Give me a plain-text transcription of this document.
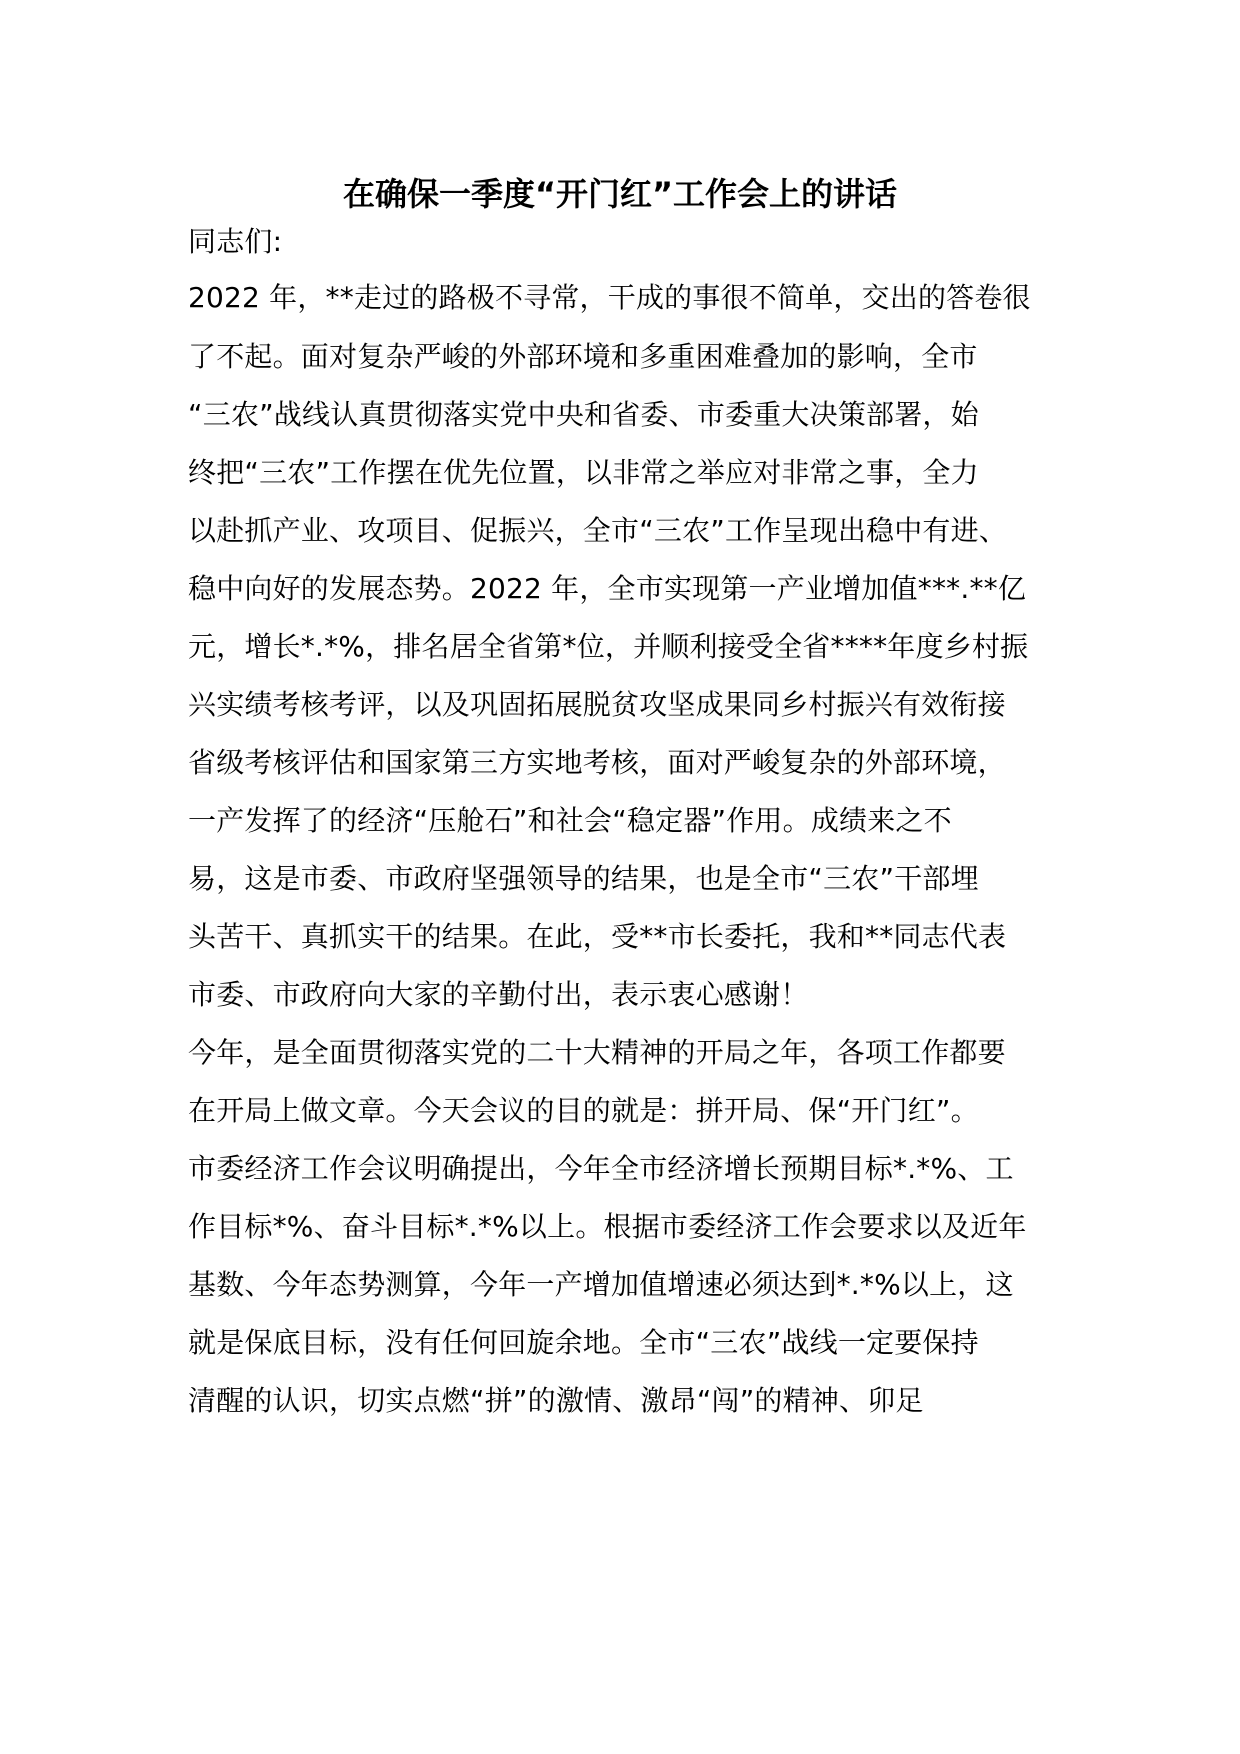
在确保一季度“开门红”工作会上的讲话
同志们:
2022 年，**走过的路极不寻常，干成的事很不简单，交出的答卷很
了不起。面对复杂严峻的外部环境和多重困难叠加的影响，全市
“三农”战线认真贯彻落实党中央和省委、市委重大决策部署，始
终把“三农”工作摆在优先位置，以非常之举应对非常之事，全力
以赴抓产业、攻项目、促振兴，全市“三农”工作呈现出稳中有进、
稳中向好的发展态势。2022 年，全市实现第一产业增加值***.**亿
元，增长*.*%，排名居全省第*位，并顺利接受全省****年度乡村振
兴实绩考核考评，以及巩固拓展脱贫攻坚成果同乡村振兴有效衔接
省级考核评估和国家第三方实地考核，面对严峻复杂的外部环境，
一产发挥了的经济“压舱石”和社会“稳定器”作用。成绩来之不
易，这是市委、市政府坚强领导的结果，也是全市“三农”干部埋
头苦干、真抓实干的结果。在此，受**市长委托，我和**同志代表
市委、市政府向大家的辛勤付出，表示衷心感谢！
今年，是全面贯彻落实党的二十大精神的开局之年，各项工作都要
在开局上做文章。今天会议的目的就是：拼开局、保“开门红”。
市委经济工作会议明确提出，今年全市经济增长预期目标*.*%、工
作目标*%、奋斗目标*.*%以上。根据市委经济工作会要求以及近年
基数、今年态势测算，今年一产增加值增速必须达到*.*%以上，这
就是保底目标，没有任何回旋余地。全市“三农”战线一定要保持
清醒的认识，切实点燃“拼”的激情、激昂“闯”的精神、卯足
